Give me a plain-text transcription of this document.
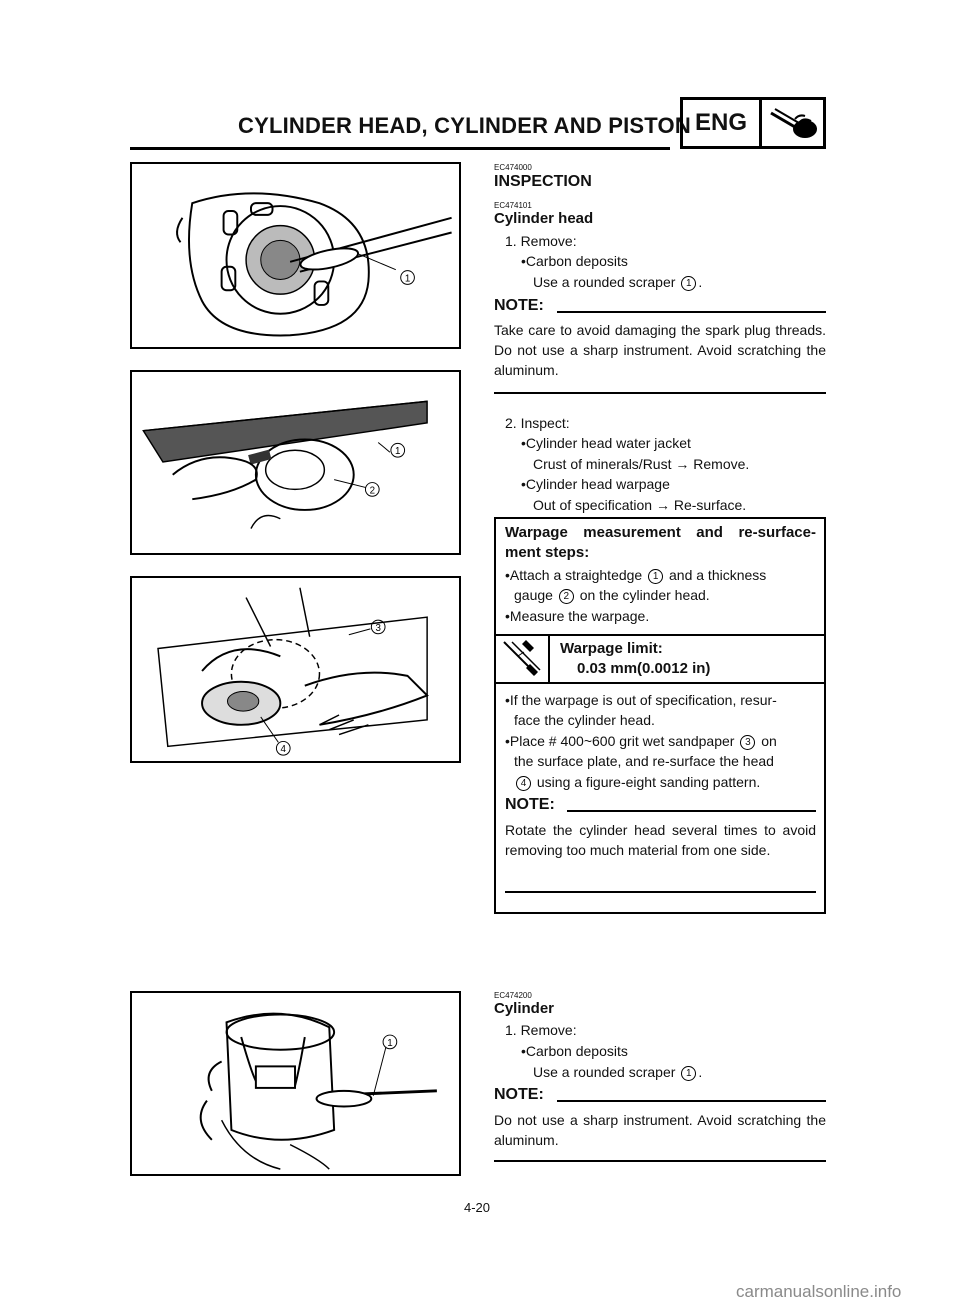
CYLINDER HEAD, CYLINDER AND PISTON ENG
1
1
2
3
4
1
EC474000
INSPECTION
EC474101
Cylinder head
1. Remove:
•Carbon deposits
Use a rounded scraper 1 .
NOTE:
Take care to avoid damaging the spark plug threads. Do not use a sharp instrument. Avoid scratching the aluminum.
2. Inspect:
•Cylinder head water jacket
Crust of minerals/Rust → Remove.
•Cylinder head warpage
Out of specification → Re-surface.
Warpage measurement and re-surface-ment steps:
•Attach a straightedge 1 and a thickness
gauge 2 on the cylinder head.
•Measure the warpage.
Warpage limit:
0.03 mm(0.0012 in)
•If the warpage is out of specification, resur-
face the cylinder head.
•Place # 400~600 grit wet sandpaper 3 on
the surface plate, and re-surface the head
4 using a figure-eight sanding pattern.
NOTE:
Rotate the cylinder head several times to avoid removing too much material from one side.
EC474200
Cylinder
1. Remove:
•Carbon deposits
Use a rounded scraper 1 .
NOTE:
Do not use a sharp instrument. Avoid scratching the aluminum.
4-20
carmanualsonline.info
